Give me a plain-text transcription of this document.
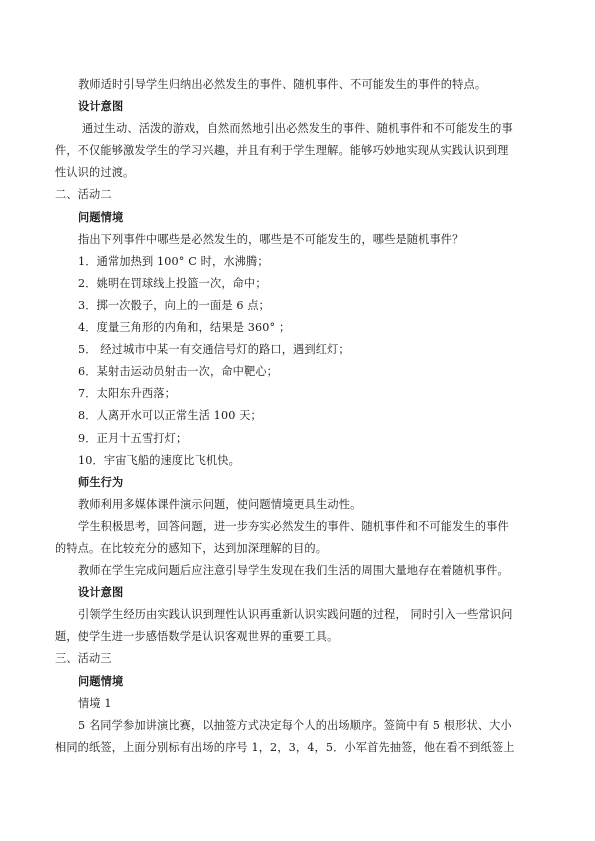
教师适时引导学生归纳出必然发生的事件、随机事件、不可能发生的事件的特点。
设计意图
通过生动、活泼的游戏，自然而然地引出必然发生的事件、随机事件和不可能发生的事
件，不仅能够激发学生的学习兴趣，并且有利于学生理解。能够巧妙地实现从实践认识到理
性认识的过渡。
二、活动二
问题情境
指出下列事件中哪些是必然发生的，哪些是不可能发生的，哪些是随机事件？
1．通常加热到 100° C 时，水沸腾；
2．姚明在罚球线上投篮一次，命中；
3．掷一次骰子，向上的一面是 6 点；
4．度量三角形的内角和，结果是 360° ；
5． 经过城市中某一有交通信号灯的路口，遇到红灯；
6．某射击运动员射击一次，命中靶心；
7．太阳东升西落；
8．人离开水可以正常生活 100 天；
9．正月十五雪打灯；
10．宇宙飞船的速度比飞机快。
师生行为
教师利用多媒体课件演示问题，使问题情境更具生动性。
学生积极思考，回答问题，进一步夯实必然发生的事件、随机事件和不可能发生的事件
的特点。在比较充分的感知下，达到加深理解的目的。
教师在学生完成问题后应注意引导学生发现在我们生活的周围大量地存在着随机事件。
设计意图
引领学生经历由实践认识到理性认识再重新认识实践问题的过程， 同时引入一些常识问
题，使学生进一步感悟数学是认识客观世界的重要工具。
三、活动三
问题情境
情境 1
5 名同学参加讲演比赛，以抽签方式决定每个人的出场顺序。签筒中有 5 根形状、大小
相同的纸签，上面分别标有出场的序号 1，2，3，4，5．小军首先抽签，他在看不到纸签上
